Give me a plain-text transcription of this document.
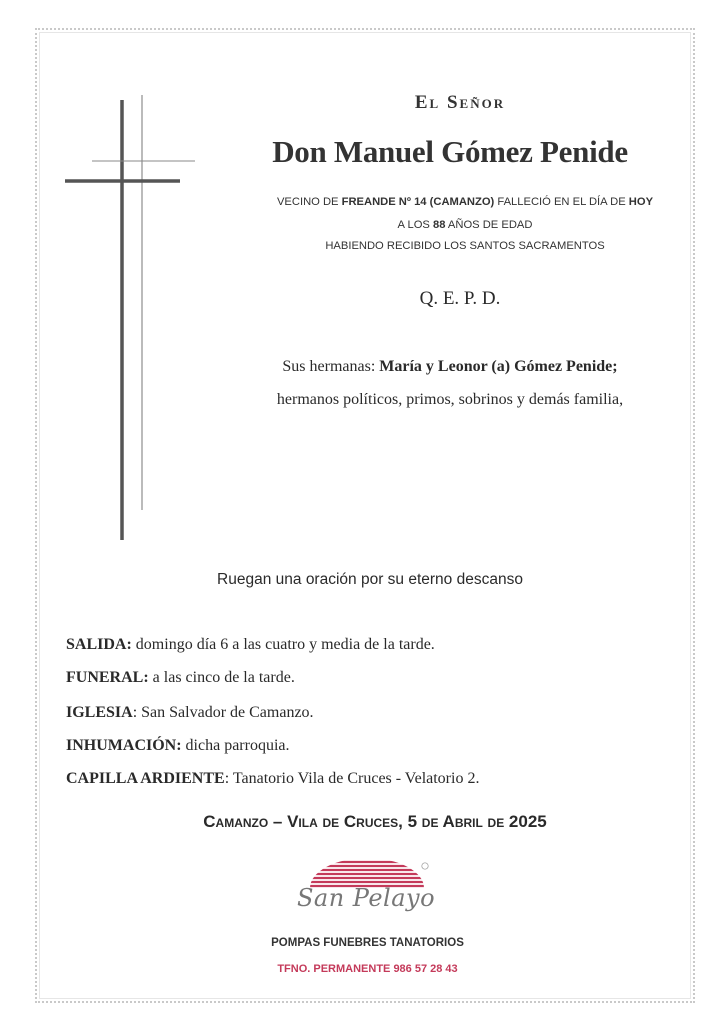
El Señor
Don Manuel Gómez Penide
VECINO DE FREANDE Nº 14 (CAMANZO) FALLECIÓ EN EL DÍA DE HOY
A LOS 88 AÑOS DE EDAD
HABIENDO RECIBIDO LOS SANTOS SACRAMENTOS
Q. E. P. D.
Sus hermanas: María y Leonor (a) Gómez Penide;
hermanos políticos, primos, sobrinos y demás familia,
Ruegan una oración por su eterno descanso
SALIDA: domingo día 6 a las cuatro y media de la tarde.
FUNERAL: a las cinco de la tarde.
IGLESIA: San Salvador de Camanzo.
INHUMACIÓN: dicha parroquia.
CAPILLA ARDIENTE: Tanatorio Vila de Cruces - Velatorio 2.
Camanzo – Vila de Cruces, 5 de Abril de 2025
San Pelayo
POMPAS FUNEBRES TANATORIOS
TFNO. PERMANENTE 986 57 28 43
